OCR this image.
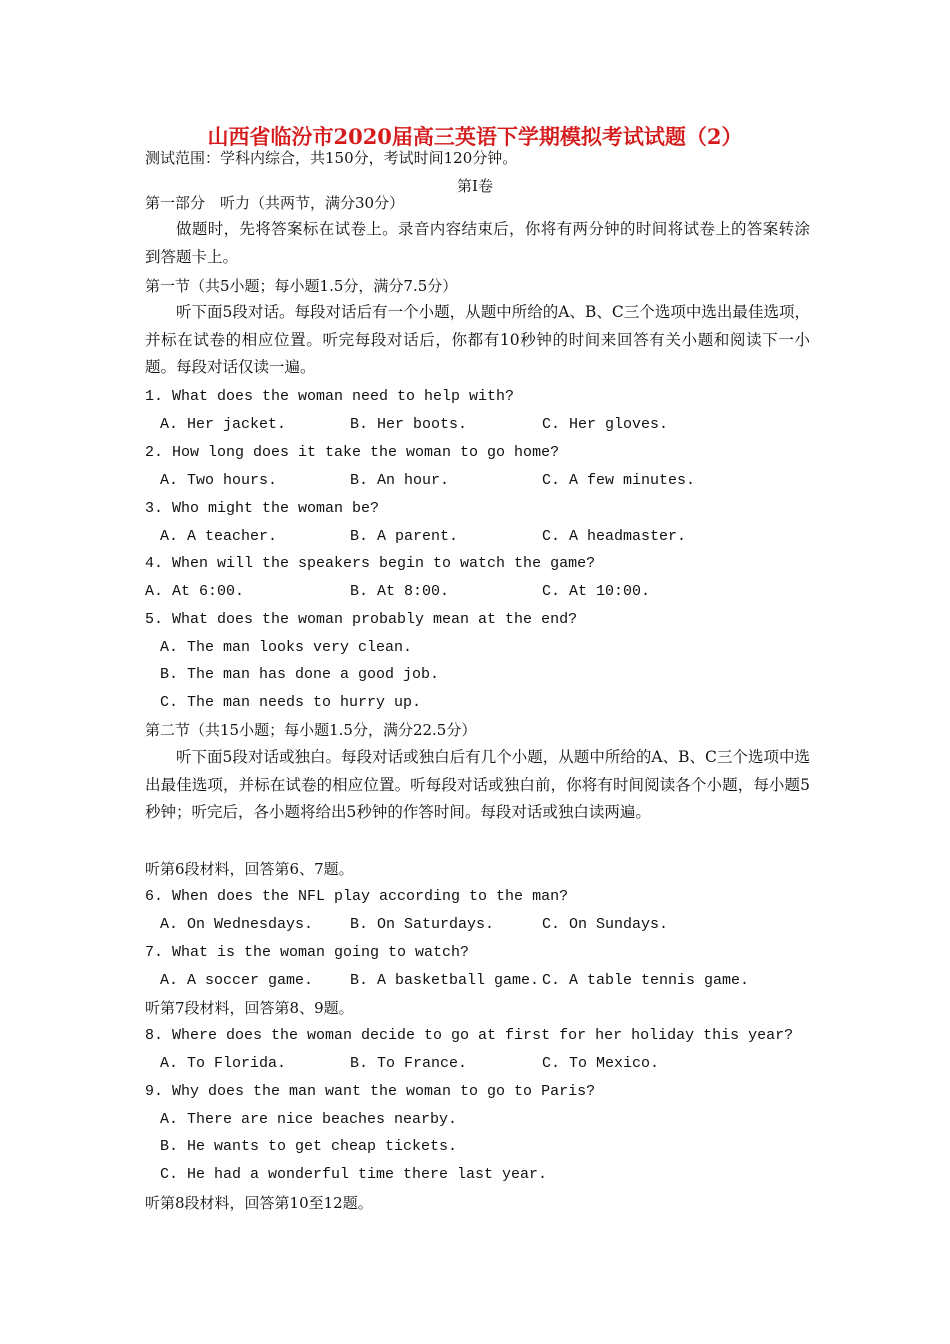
山西省临汾市2020届高三英语下学期模拟考试试题（2）
测试范围：学科内综合，共150分，考试时间120分钟。
第Ⅰ卷
第一部分　听力（共两节，满分30分）
做题时，先将答案标在试卷上。录音内容结束后，你将有两分钟的时间将试卷上的答案转涂到答题卡上。
第一节（共5小题；每小题1.5分，满分7.5分）
听下面5段对话。每段对话后有一个小题，从题中所给的A、B、C三个选项中选出最佳选项，并标在试卷的相应位置。听完每段对话后，你都有10秒钟的时间来回答有关小题和阅读下一小题。每段对话仅读一遍。
1. What does the woman need to help with?
A. Her jacket.	B. Her boots.	C. Her gloves.
2. How long does it take the woman to go home?
A. Two hours.	B. An hour.	C. A few minutes.
3. Who might the woman be?
A. A teacher.	B. A parent.	C. A headmaster.
4. When will the speakers begin to watch the game?
A. At 6:00.	B. At 8:00.	C. At 10:00.
5. What does the woman probably mean at the end?
A. The man looks very clean.
B. The man has done a good job.
C. The man needs to hurry up.
第二节（共15小题；每小题1.5分，满分22.5分）
听下面5段对话或独白。每段对话或独白后有几个小题，从题中所给的A、B、C三个选项中选出最佳选项，并标在试卷的相应位置。听每段对话或独白前，你将有时间阅读各个小题，每小题5秒钟；听完后，各小题将给出5秒钟的作答时间。每段对话或独白读两遍。
听第6段材料，回答第6、7题。
6. When does the NFL play according to the man?
A. On Wednesdays. B. On Saturdays.	C. On Sundays.
7. What is the woman going to watch?
A. A soccer game. B. A basketball game. C. A table tennis game.
听第7段材料，回答第8、9题。
8. Where does the woman decide to go at first for her holiday this year?
A. To Florida.	B. To France.	C. To Mexico.
9. Why does the man want the woman to go to Paris?
A. There are nice beaches nearby.
B. He wants to get cheap tickets.
C. He had a wonderful time there last year.
听第8段材料，回答第10至12题。
